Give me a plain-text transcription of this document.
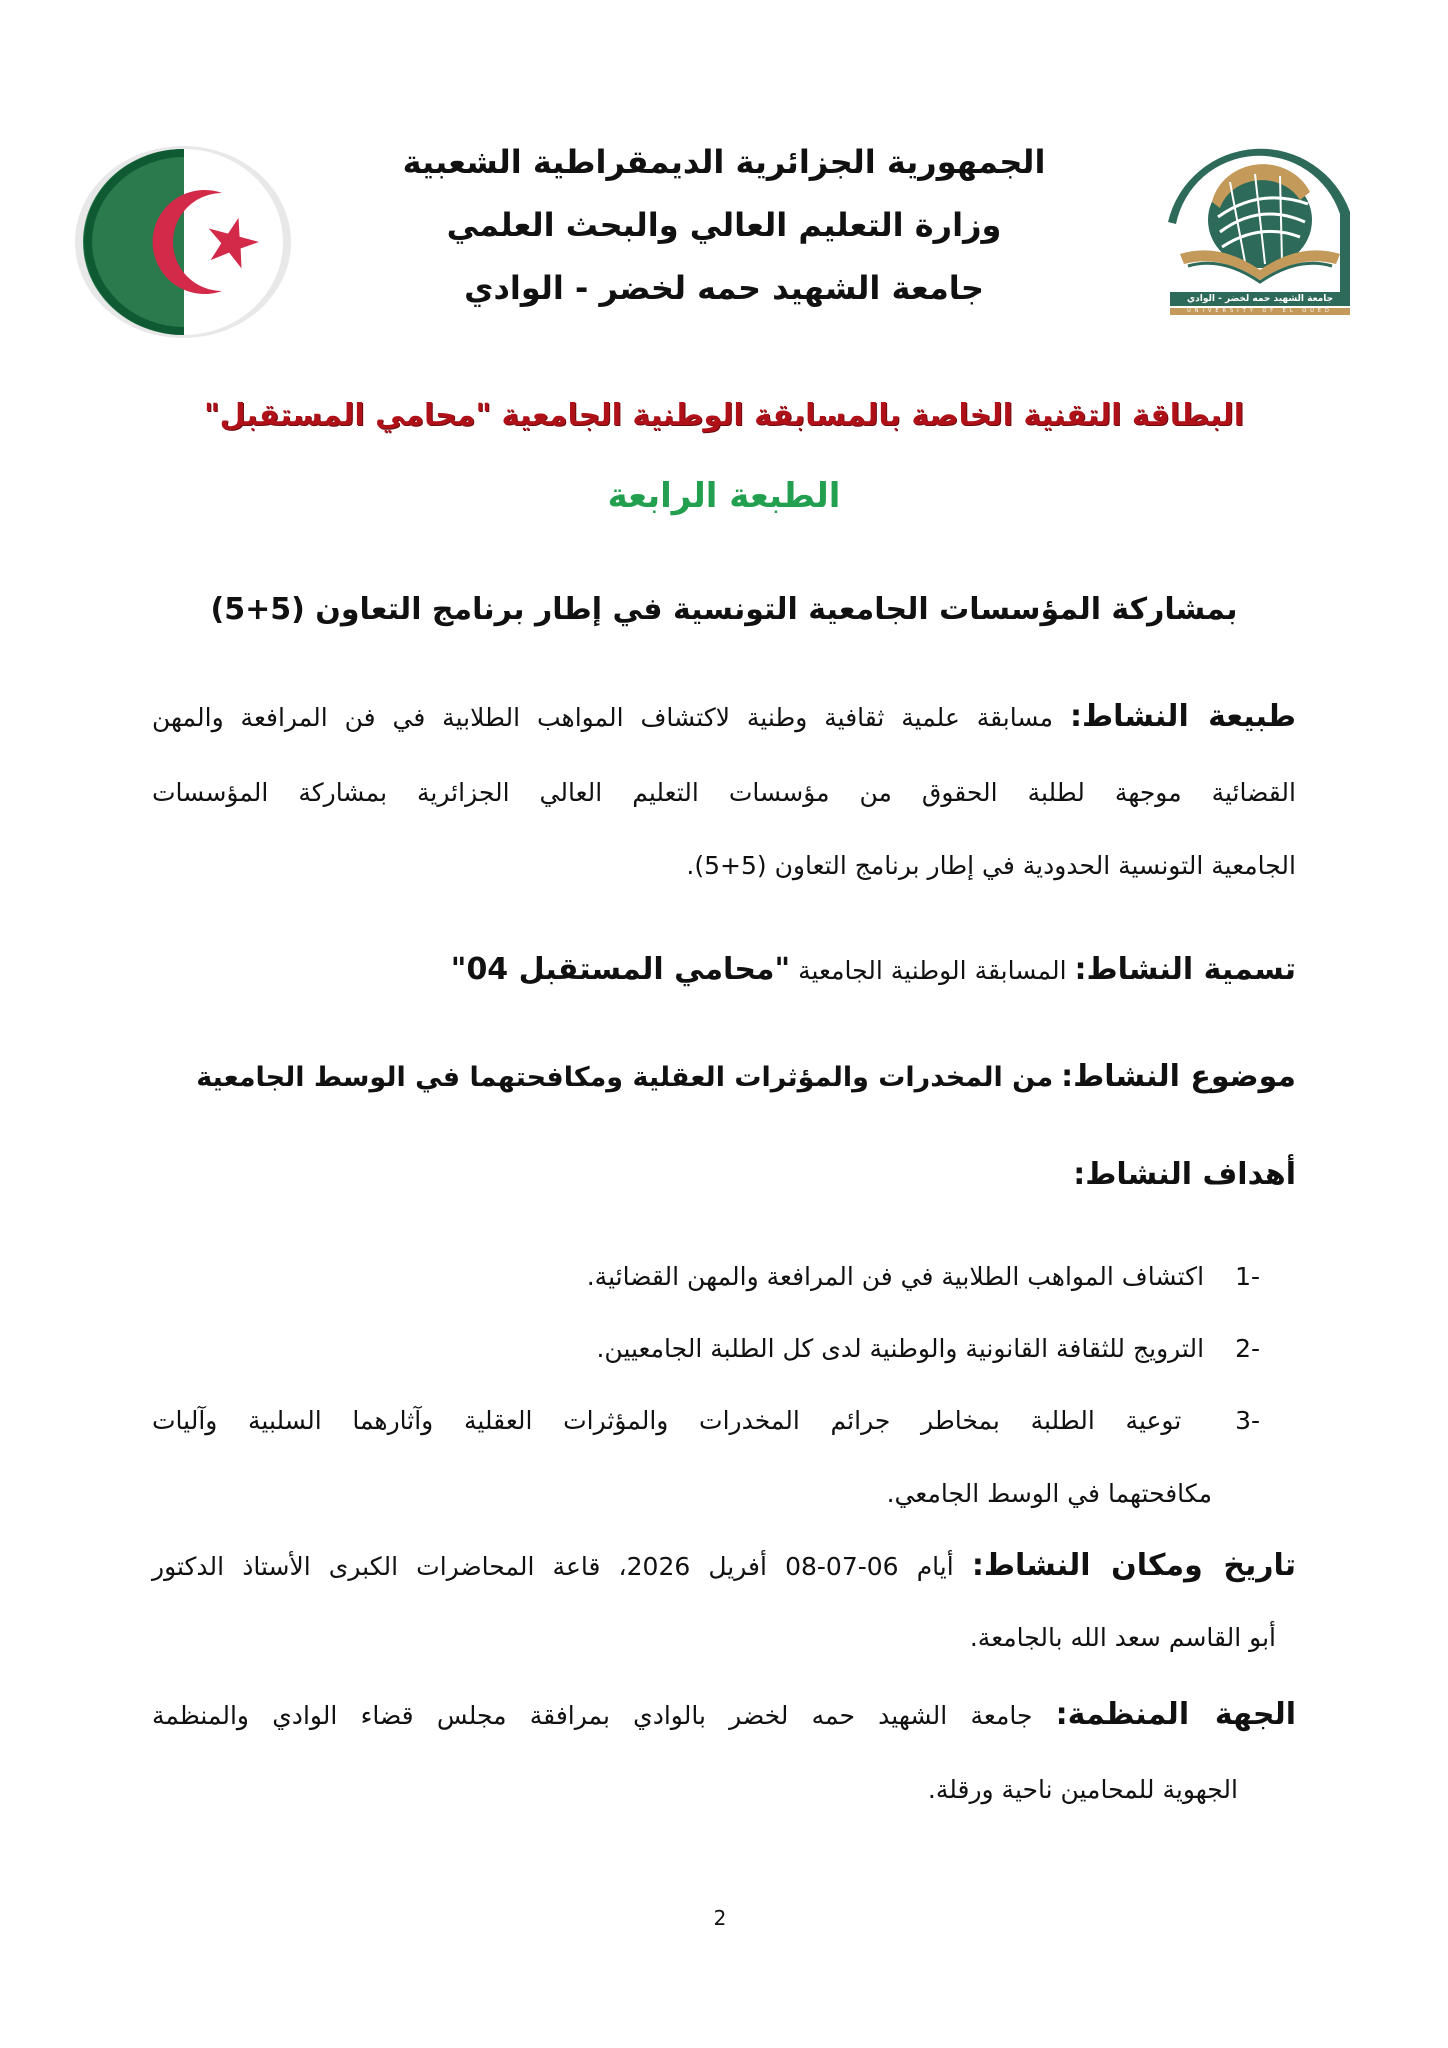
جامعة الشهيد حمه لخضر - الوادي
UNIVERSITY OF EL OUED
الجمهورية الجزائرية الديمقراطية الشعبية
وزارة التعليم العالي والبحث العلمي
جامعة الشهيد حمه لخضر - الوادي
البطاقة التقنية الخاصة بالمسابقة الوطنية الجامعية "محامي المستقبل"
الطبعة الرابعة
بمشاركة المؤسسات الجامعية التونسية في إطار برنامج التعاون (5+5)
طبيعة النشاط: مسابقة علمية ثقافية وطنية لاكتشاف المواهب الطلابية في فن المرافعة والمهن
القضائية موجهة لطلبة الحقوق من مؤسسات التعليم العالي الجزائرية بمشاركة المؤسسات
الجامعية التونسية الحدودية في إطار برنامج التعاون (5+5).
تسمية النشاط: المسابقة الوطنية الجامعية "محامي المستقبل 04"
موضوع النشاط: من المخدرات والمؤثرات العقلية ومكافحتهما في الوسط الجامعية
أهداف النشاط:
-1 اكتشاف المواهب الطلابية في فن المرافعة والمهن القضائية.
-2 الترويج للثقافة القانونية والوطنية لدى كل الطلبة الجامعيين.
-3 توعية الطلبة بمخاطر جرائم المخدرات والمؤثرات العقلية وآثارهما السلبية وآليات
مكافحتهما في الوسط الجامعي.
تاريخ ومكان النشاط: أيام 06-07-08 أفريل 2026، قاعة المحاضرات الكبرى الأستاذ الدكتور
أبو القاسم سعد الله بالجامعة.
الجهة المنظمة: جامعة الشهيد حمه لخضر بالوادي بمرافقة مجلس قضاء الوادي والمنظمة
الجهوية للمحامين ناحية ورقلة.
2
